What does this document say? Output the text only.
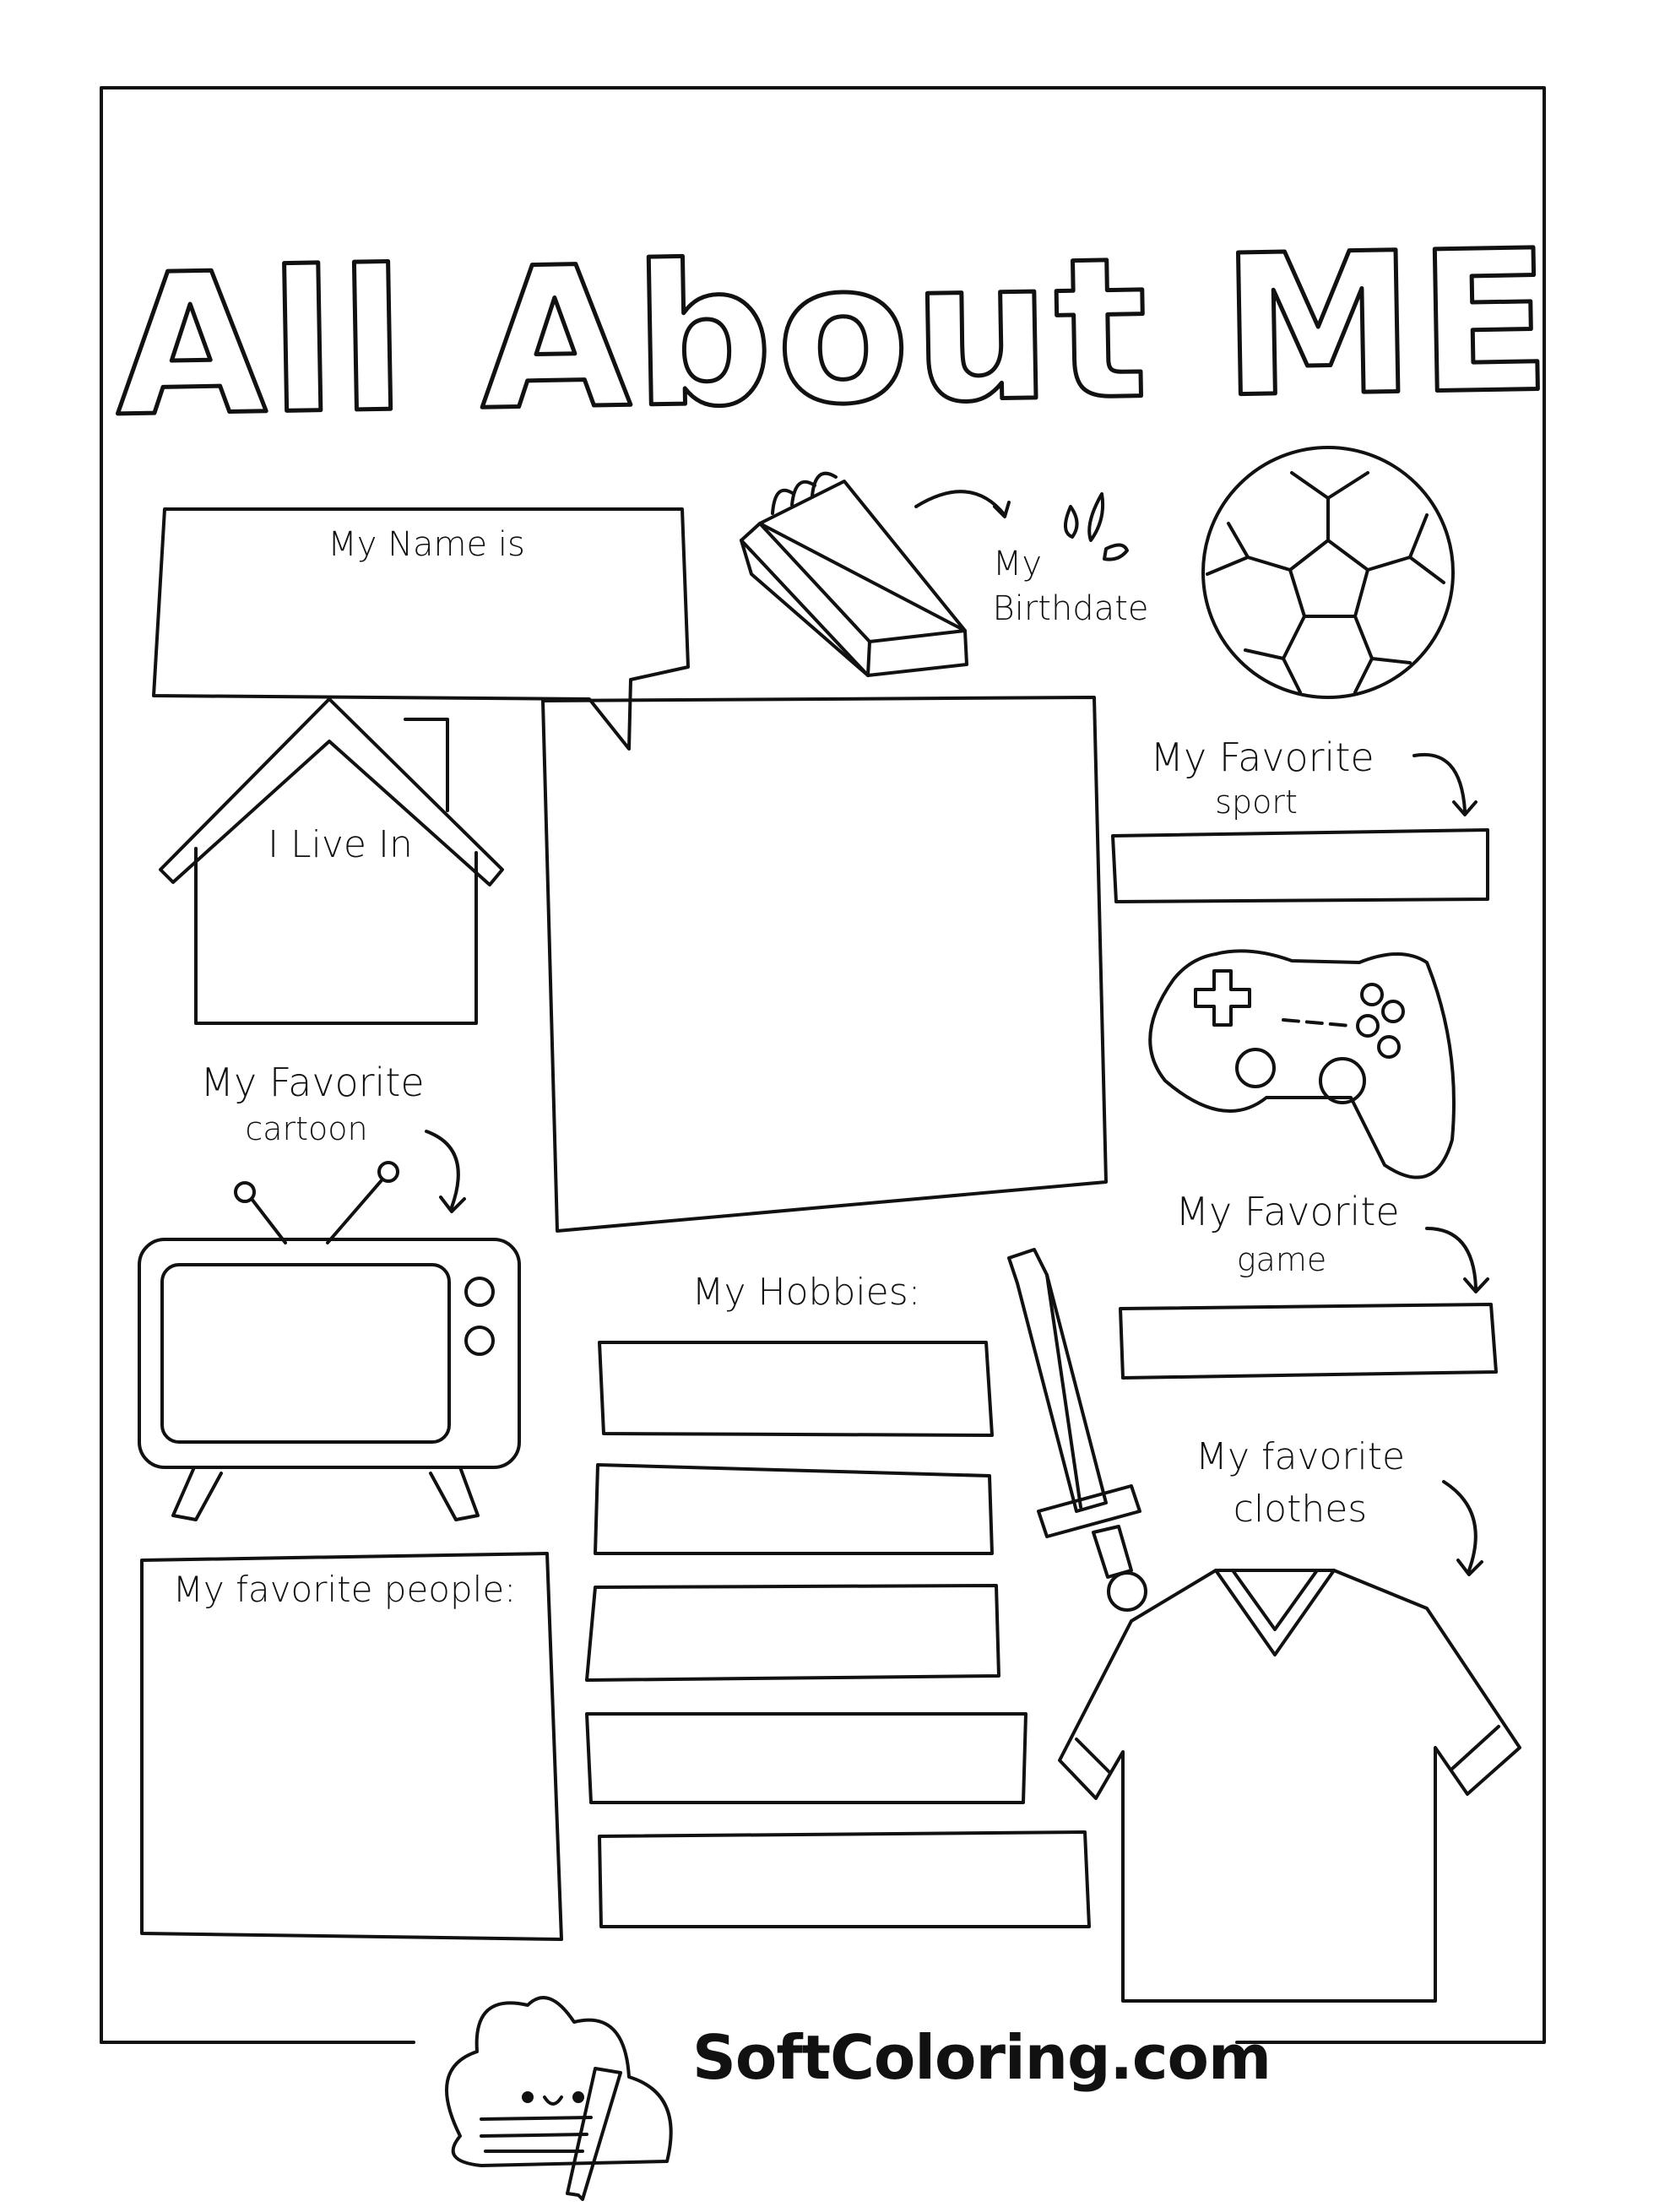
All About ME
My Name is	My
Birthdate
I Live In
My Favorite
sport
My Favorite
cartoon
My Favorite
game
My Hobbies:
My favorite
clothes
My favorite people:
SoftColoring.com
